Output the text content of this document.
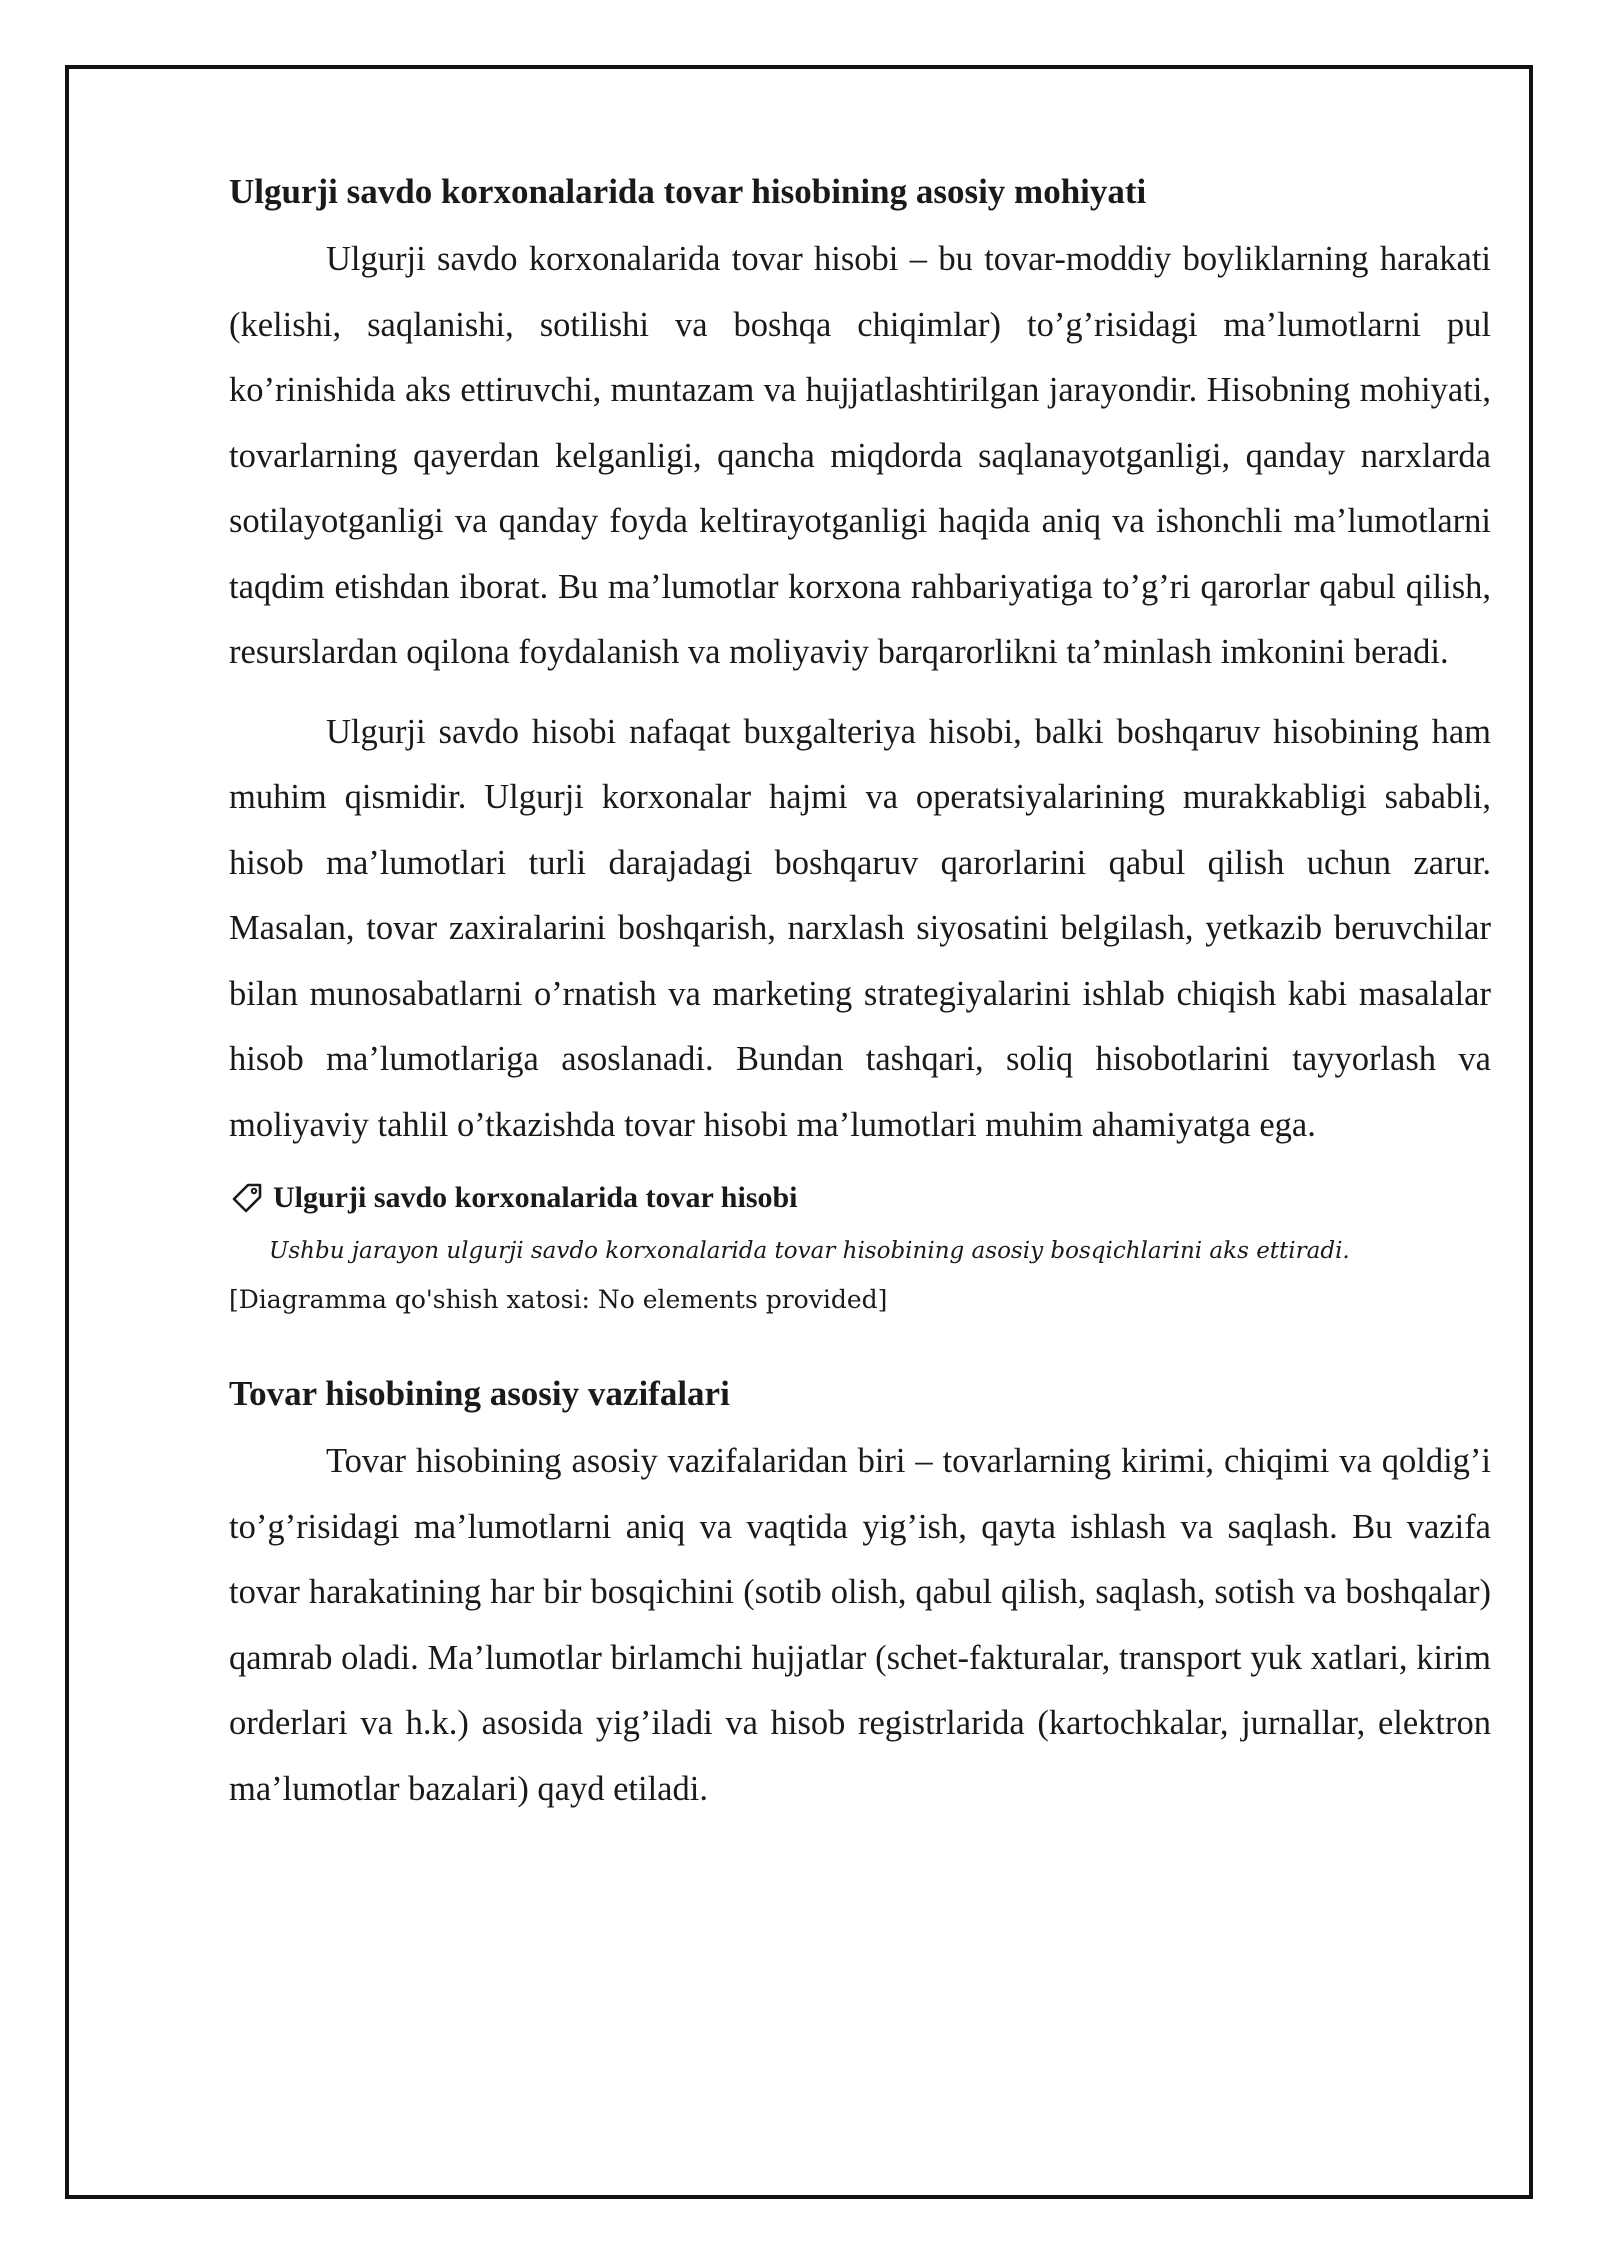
Ulgurji savdo korxonalarida tovar hisobining asosiy mohiyati

Ulgurji savdo korxonalarida tovar hisobi – bu tovar-moddiy boyliklarning harakati (kelishi, saqlanishi, sotilishi va boshqa chiqimlar) to’g’risidagi ma’lumotlarni pul ko’rinishida aks ettiruvchi, muntazam va hujjatlashtirilgan jarayondir. Hisobning mohiyati, tovarlarning qayerdan kelganligi, qancha miqdorda saqlanayotganligi, qanday narxlarda sotilayotganligi va qanday foyda keltirayotganligi haqida aniq va ishonchli ma’lumotlarni taqdim etishdan iborat. Bu ma’lumotlar korxona rahbariyatiga to’g’ri qarorlar qabul qilish, resurslardan oqilona foydalanish va moliyaviy barqarorlikni ta’minlash imkonini beradi.

Ulgurji savdo hisobi nafaqat buxgalteriya hisobi, balki boshqaruv hisobining ham muhim qismidir. Ulgurji korxonalar hajmi va operatsiyalarining murakkabligi sababli, hisob ma’lumotlari turli darajadagi boshqaruv qarorlarini qabul qilish uchun zarur. Masalan, tovar zaxiralarini boshqarish, narxlash siyosatini belgilash, yetkazib beruvchilar bilan munosabatlarni o’rnatish va marketing strategiyalarini ishlab chiqish kabi masalalar hisob ma’lumotlariga asoslanadi. Bundan tashqari, soliq hisobotlarini tayyorlash va moliyaviy tahlil o’tkazishda tovar hisobi ma’lumotlari muhim ahamiyatga ega.

Ulgurji savdo korxonalarida tovar hisobi
Ushbu jarayon ulgurji savdo korxonalarida tovar hisobining asosiy bosqichlarini aks ettiradi.
[Diagramma qo'shish xatosi: No elements provided]
Tovar hisobining asosiy vazifalari

Tovar hisobining asosiy vazifalaridan biri – tovarlarning kirimi, chiqimi va qoldig’i to’g’risidagi ma’lumotlarni aniq va vaqtida yig’ish, qayta ishlash va saqlash. Bu vazifa tovar harakatining har bir bosqichini (sotib olish, qabul qilish, saqlash, sotish va boshqalar) qamrab oladi. Ma’lumotlar birlamchi hujjatlar (schet-fakturalar, transport yuk xatlari, kirim orderlari va h.k.) asosida yig’iladi va hisob registrlarida (kartochkalar, jurnallar, elektron ma’lumotlar bazalari) qayd etiladi.
